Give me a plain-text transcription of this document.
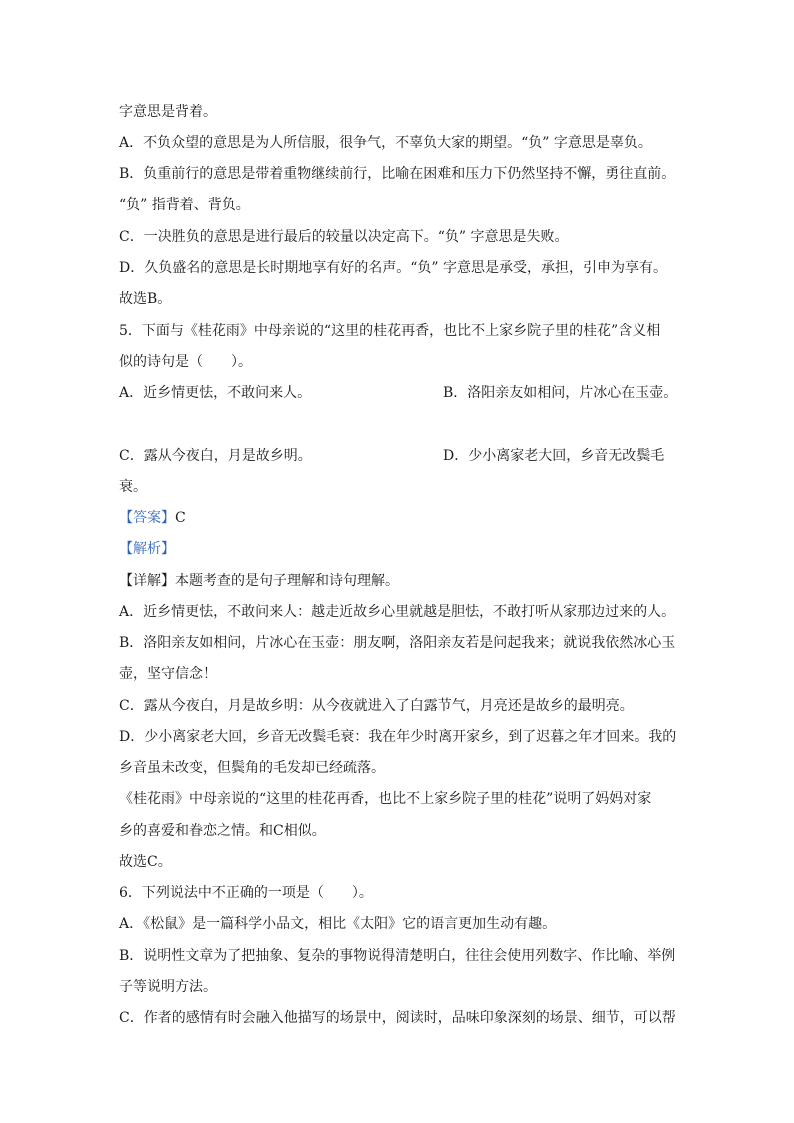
字意思是背着。
A．不负众望的意思是为人所信服，很争气，不辜负大家的期望。“负” 字意思是辜负。
B．负重前行的意思是带着重物继续前行，比喻在困难和压力下仍然坚持不懈，勇往直前。
“负” 指背着、背负。
C．一决胜负的意思是进行最后的较量以决定高下。“负” 字意思是失败。
D．久负盛名的意思是长时期地享有好的名声。“负” 字意思是承受，承担，引申为享有。
故选B。
5．下面与《桂花雨》中母亲说的“这里的桂花再香，也比不上家乡院子里的桂花”含义相
似的诗句是（　　）。
A．近乡情更怯，不敢问来人。	B．洛阳亲友如相问，片冰心在玉壶。
C．露从今夜白，月是故乡明。	D．少小离家老大回，乡音无改鬓毛
衰。
【答案】C
【解析】
【详解】本题考查的是句子理解和诗句理解。
A．近乡情更怯，不敢问来人：越走近故乡心里就越是胆怯，不敢打听从家那边过来的人。
B．洛阳亲友如相问，片冰心在玉壶：朋友啊，洛阳亲友若是问起我来；就说我依然冰心玉
壶，坚守信念！
C．露从今夜白，月是故乡明：从今夜就进入了白露节气，月亮还是故乡的最明亮。
D．少小离家老大回，乡音无改鬓毛衰：我在年少时离开家乡，到了迟暮之年才回来。我的
乡音虽未改变，但鬓角的毛发却已经疏落。
《桂花雨》中母亲说的“这里的桂花再香，也比不上家乡院子里的桂花”说明了妈妈对家
乡的喜爱和眷恋之情。和C相似。
故选C。
6．下列说法中不正确的一项是（　　）。
A．《松鼠》是一篇科学小品文，相比《太阳》它的语言更加生动有趣。
B．说明性文章为了把抽象、复杂的事物说得清楚明白，往往会使用列数字、作比喻、举例
子等说明方法。
C．作者的感情有时会融入他描写的场景中，阅读时，品味印象深刻的场景、细节，可以帮
